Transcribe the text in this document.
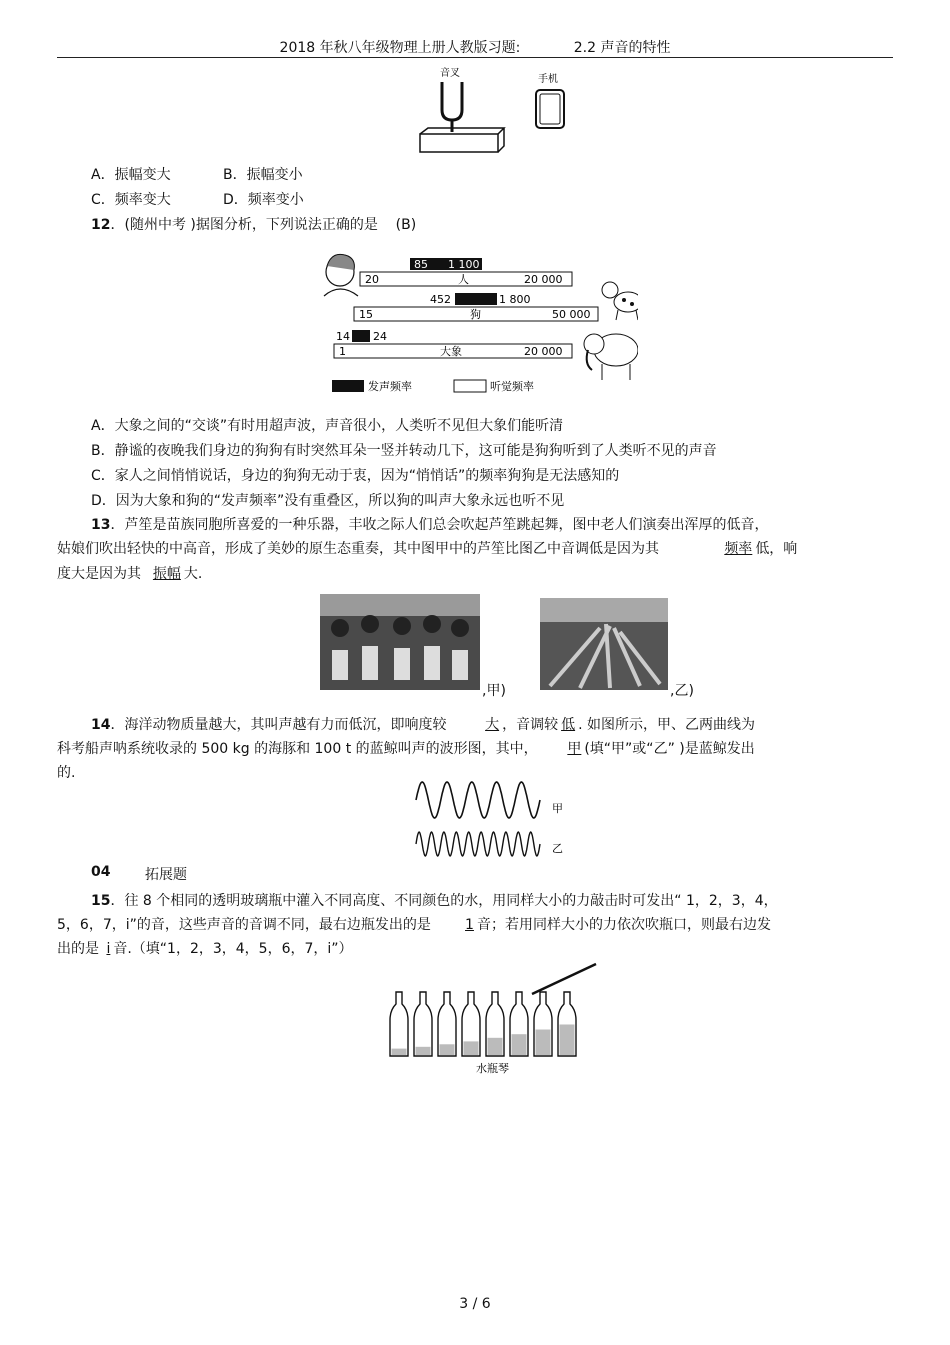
2018 年秋八年级物理上册人教版习题:	2.2 声音的特性
音叉
手机
A．振幅变大	B．振幅变小
C．频率变大	D．频率变小
12．(随州中考 )据图分析，下列说法正确的是 (B)
85 1 100
20	人	20 000
452	1 800
15	狗	50 000
14 24
1	大象	20 000
发声频率	听觉频率
A．大象之间的“交谈”有时用超声波，声音很小，人类听不见但大象们能听清
B．静谧的夜晚我们身边的狗狗有时突然耳朵一竖并转动几下，这可能是狗狗听到了人类听不见的声音
C．家人之间悄悄说话，身边的狗狗无动于衷，因为“悄悄话”的频率狗狗是无法感知的
D．因为大象和狗的“发声频率”没有重叠区，所以狗的叫声大象永远也听不见
13．芦笙是苗族同胞所喜爱的一种乐器，丰收之际人们总会吹起芦笙跳起舞，图中老人们演奏出浑厚的低音，
姑娘们吹出轻快的中高音，形成了美妙的原生态重奏，其中图甲中的芦笙比图乙中音调低是因为其	频率 低，响
度大是因为其 振幅 大.
,甲)	,乙)
14．海洋动物质量越大，其叫声越有力而低沉，即响度较	大 ，音调较 低 . 如图所示，甲、乙两曲线为
科考船声呐系统收录的 500 kg 的海豚和 100 t 的蓝鲸叫声的波形图，其中， 甲 (填“甲”或“乙” )是蓝鲸发出
的.
甲
乙
04 拓展题
15．往 8 个相同的透明玻璃瓶中灌入不同高度、不同颜色的水，用同样大小的力敲击时可发出“ 1，2，3，4，
5，6，7，i”的音，这些声音的音调不同，最右边瓶发出的是 1 音；若用同样大小的力依次吹瓶口，则最右边发
出的是 i 音.（填“1，2，3，4，5，6，7，i”）
水瓶琴
3 / 6
